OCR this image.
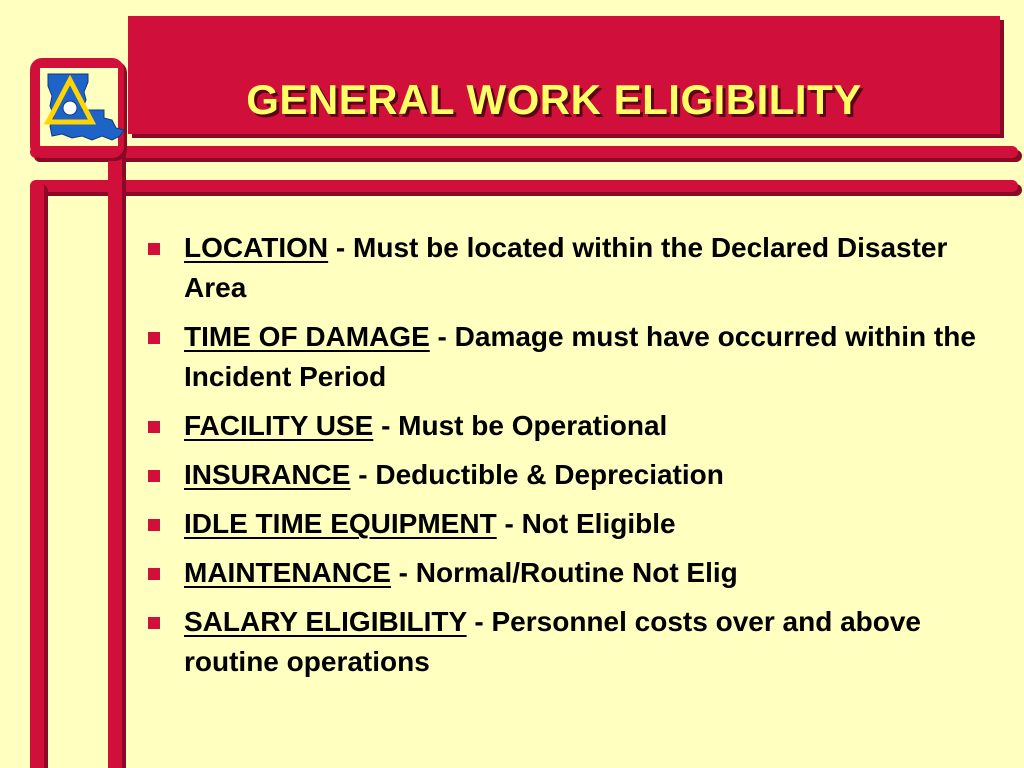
GENERAL WORK ELIGIBILITY
LOCATION - Must be located within the Declared Disaster Area
TIME OF DAMAGE - Damage must have occurred within the Incident Period
FACILITY USE - Must be Operational
INSURANCE - Deductible & Depreciation
IDLE TIME EQUIPMENT - Not Eligible
MAINTENANCE - Normal/Routine Not Elig
SALARY ELIGIBILITY - Personnel costs over and above routine operations
